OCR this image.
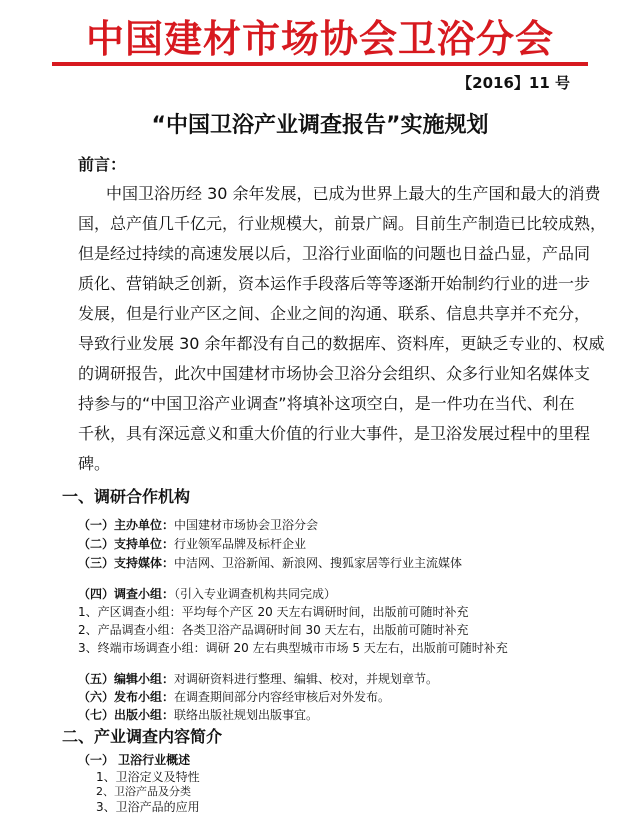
中国建材市场协会卫浴分会
【2016】11 号
“中国卫浴产业调查报告”实施规划
前言：
中国卫浴历经 30 余年发展，已成为世界上最大的生产国和最大的消费
国，总产值几千亿元，行业规模大，前景广阔。目前生产制造已比较成熟，
但是经过持续的高速发展以后，卫浴行业面临的问题也日益凸显，产品同
质化、营销缺乏创新，资本运作手段落后等等逐渐开始制约行业的进一步
发展，但是行业产区之间、企业之间的沟通、联系、信息共享并不充分，
导致行业发展 30 余年都没有自己的数据库、资料库，更缺乏专业的、权威
的调研报告，此次中国建材市场协会卫浴分会组织、众多行业知名媒体支
持参与的“中国卫浴产业调查”将填补这项空白，是一件功在当代、利在
千秋，具有深远意义和重大价值的行业大事件，是卫浴发展过程中的里程
碑。
一、调研合作机构
（一）主办单位：中国建材市场协会卫浴分会
（二）支持单位：行业领军品牌及标杆企业
（三）支持媒体：中洁网、卫浴新闻、新浪网、搜狐家居等行业主流媒体
（四）调查小组：（引入专业调查机构共同完成）
1、产区调查小组：平均每个产区 20 天左右调研时间，出版前可随时补充
2、产品调查小组：各类卫浴产品调研时间 30 天左右，出版前可随时补充
3、终端市场调查小组：调研 20 左右典型城市市场 5 天左右，出版前可随时补充
（五）编辑小组：对调研资料进行整理、编辑、校对，并规划章节。
（六）发布小组：在调查期间部分内容经审核后对外发布。
（七）出版小组：联络出版社规划出版事宜。
二、产业调查内容简介
（一） 卫浴行业概述
1、卫浴定义及特性
2、卫浴产品及分类
3、卫浴产品的应用
